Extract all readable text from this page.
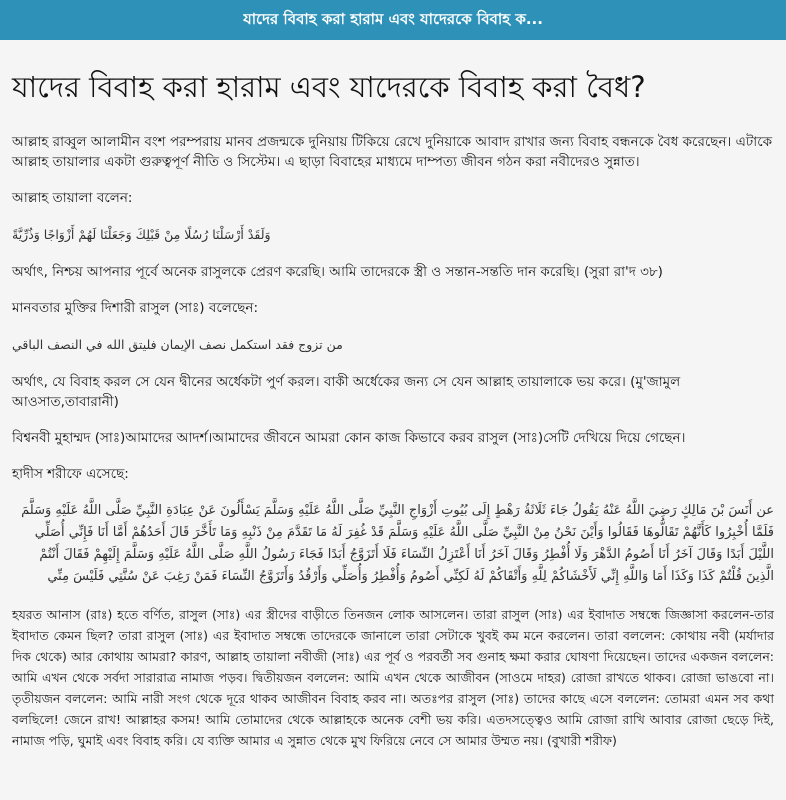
যাদের বিবাহ করা হারাম এবং যাদেরকে বিবাহ ক...
যাদের বিবাহ করা হারাম এবং যাদেরকে বিবাহ করা বৈধ?

আল্লাহ রাব্বুল আলামীন বংশ পরম্পরায় মানব প্রজন্মকে দুনিয়ায় টিকিয়ে রেখে দুনিয়াকে আবাদ রাখার জন্য বিবাহ বন্ধনকে বৈধ করেছেন। এটাকে আল্লাহ তায়ালার একটা গুরুত্বপূর্ণ নীতি ও সিস্টেম। এ ছাড়া বিবাহের মাধ্যমে দাম্পত্য জীবন গঠন করা নবীদেরও সুন্নাত।

আল্লাহ তায়ালা বলেন:

وَلَقَدْ أَرْسَلْنَا رُسُلًا مِنْ قَبْلِكَ وَجَعَلْنَا لَهُمْ أَزْوَاجًا وَذُرِّيَّةً

অর্থাৎ, নিশ্চয় আপনার পূর্বে অনেক রাসুলকে প্রেরণ করেছি। আমি তাদেরকে স্ত্রী ও সন্তান-সন্ততি দান করেছি। (সুরা রা'দ ৩৮)

মানবতার মুক্তির দিশারী রাসুল (সাঃ) বলেছেন:

من تزوج فقد استكمل نصف الإيمان فليتق الله في النصف الباقي

অর্থাৎ, যে বিবাহ করল সে যেন দ্বীনের অর্ধেকটা পুর্ণ করল। বাকী অর্ধেকের জন্য সে যেন আল্লাহ তায়ালাকে ভয় করে। (মু'জামুল আওসাত,তাবারানী)

বিশ্বনবী মুহাম্মদ (সাঃ)আমাদের আদর্শ।আমাদের জীবনে আমরা কোন কাজ কিভাবে করব রাসুল (সাঃ)সেটি দেখিয়ে দিয়ে গেছেন।

হাদীস শরীফে এসেছে:

عن أَنَسَ بْنَ مَالِكٍ رَضِيَ اللَّهُ عَنْهُ يَقُولُ جَاءَ ثَلَاثَةُ رَهْطٍ إِلَى بُيُوتِ أَزْوَاجِ النَّبِيِّ صَلَّى اللَّهُ عَلَيْهِ وَسَلَّمَ يَسْأَلُونَ عَنْ عِبَادَةِ النَّبِيِّ صَلَّى اللَّهُ عَلَيْهِ وَسَلَّمَ فَلَمَّا أُخْبِرُوا كَأَنَّهُمْ تَقَالُّوهَا فَقَالُوا وَأَيْنَ نَحْنُ مِنْ النَّبِيِّ صَلَّى اللَّهُ عَلَيْهِ وَسَلَّمَ قَدْ غُفِرَ لَهُ مَا تَقَدَّمَ مِنْ ذَنْبِهِ وَمَا تَأَخَّرَ قَالَ أَحَدُهُمْ أَمَّا أَنَا فَإِنِّي أُصَلِّي اللَّيْلَ أَبَدًا وَقَالَ آخَرُ أَنَا أَصُومُ الدَّهْرَ وَلَا أُفْطِرُ وَقَالَ آخَرُ أَنَا أَعْتَزِلُ النِّسَاءَ فَلَا أَتَزَوَّجُ أَبَدًا فَجَاءَ رَسُولُ اللَّهِ صَلَّى اللَّهُ عَلَيْهِ وَسَلَّمَ إِلَيْهِمْ فَقَالَ أَنْتُمْ الَّذِينَ قُلْتُمْ كَذَا وَكَذَا أَمَا وَاللَّهِ إِنِّي لَأَخْشَاكُمْ لِلَّهِ وَأَتْقَاكُمْ لَهُ لَكِنِّي أَصُومُ وَأُفْطِرُ وَأُصَلِّي وَأَرْقُدُ وَأَتَزَوَّجُ النِّسَاءَ فَمَنْ رَغِبَ عَنْ سُنَّتِي فَلَيْسَ مِنِّي

হযরত আনাস (রাঃ) হতে বর্ণিত, রাসুল (সাঃ) এর স্ত্রীদের বাড়ীতে তিনজন লোক আসলেন। তারা রাসুল (সাঃ) এর ইবাদাত সম্বন্ধে জিজ্ঞাসা করলেন-তার ইবাদাত কেমন ছিল? তারা রাসুল (সাঃ) এর ইবাদাত সম্বন্ধে তাদেরকে জানালে তারা সেটাকে খুবই কম মনে করলেন। তারা বললেন: কোথায় নবী (মর্যাদার দিক থেকে) আর কোথায় আমরা? কারণ, আল্লাহ তায়ালা নবীজী (সাঃ) এর পূর্ব ও পরবর্তী সব গুনাহ ক্ষমা করার ঘোষণা দিয়েছেন। তাদের একজন বললেন: আমি এখন থেকে সর্বদা সারারাত্র নামাজ পড়ব। দ্বিতীয়জন বললেন: আমি এখন থেকে আজীবন (সাওমে দাহর) রোজা রাখতে থাকব। রোজা ভাঙবো না। তৃতীয়জন বললেন: আমি নারী সংগ থেকে দূরে থাকব আজীবন বিবাহ করব না। অতঃপর রাসুল (সাঃ) তাদের কাছে এসে বললেন: তোমরা এমন সব কথা বলছিলে! জেনে রাখ! আল্লাহর কসম! আমি তোমাদের থেকে আল্লাহকে অনেক বেশী ভয় করি। এতদসত্ত্বেও আমি রোজা রাখি আবার রোজা ছেড়ে দিই, নামাজ পড়ি, ঘুমাই এবং বিবাহ করি। যে ব্যক্তি আমার এ সুন্নাত থেকে মুখ ফিরিয়ে নেবে সে আমার উম্মত নয়। (বুখারী শরীফ)
